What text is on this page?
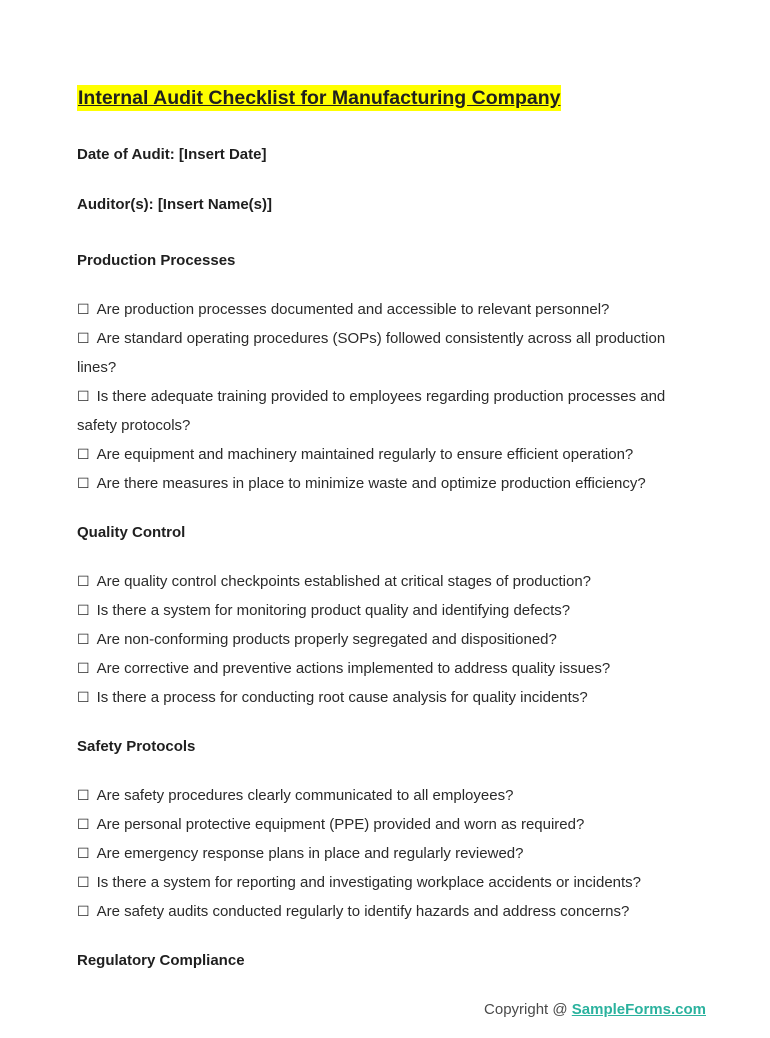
Internal Audit Checklist for Manufacturing Company

Date of Audit: [Insert Date]

Auditor(s): [Insert Name(s)]

Production Processes
☐ Are production processes documented and accessible to relevant personnel?
☐ Are standard operating procedures (SOPs) followed consistently across all production lines?
☐ Is there adequate training provided to employees regarding production processes and safety protocols?
☐ Are equipment and machinery maintained regularly to ensure efficient operation?
☐ Are there measures in place to minimize waste and optimize production efficiency?
Quality Control
☐ Are quality control checkpoints established at critical stages of production?
☐ Is there a system for monitoring product quality and identifying defects?
☐ Are non-conforming products properly segregated and dispositioned?
☐ Are corrective and preventive actions implemented to address quality issues?
☐ Is there a process for conducting root cause analysis for quality incidents?
Safety Protocols
☐ Are safety procedures clearly communicated to all employees?
☐ Are personal protective equipment (PPE) provided and worn as required?
☐ Are emergency response plans in place and regularly reviewed?
☐ Is there a system for reporting and investigating workplace accidents or incidents?
☐ Are safety audits conducted regularly to identify hazards and address concerns?
Regulatory Compliance
Copyright @ SampleForms.com
